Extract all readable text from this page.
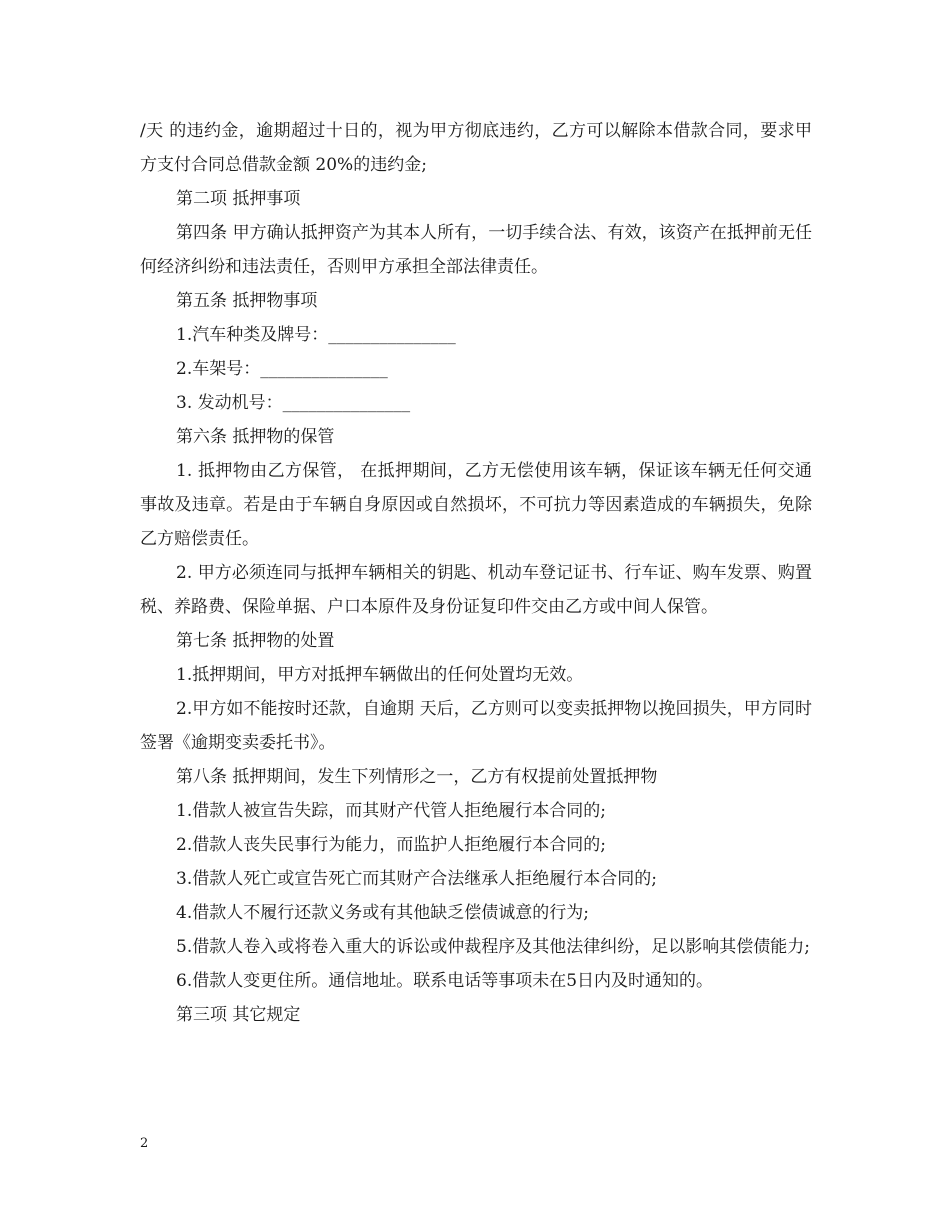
/天 的违约金，逾期超过十日的，视为甲方彻底违约，乙方可以解除本借款合同，要求甲方支付合同总借款金额 20%的违约金;

第二项 抵押事项

第四条 甲方确认抵押资产为其本人所有，一切手续合法、有效，该资产在抵押前无任何经济纠纷和违法责任，否则甲方承担全部法律责任。

第五条 抵押物事项

1.汽车种类及牌号：_______________

2.车架号：_______________

3. 发动机号：_______________

第六条 抵押物的保管

1. 抵押物由乙方保管， 在抵押期间，乙方无偿使用该车辆，保证该车辆无任何交通事故及违章。若是由于车辆自身原因或自然损坏，不可抗力等因素造成的车辆损失，免除乙方赔偿责任。

2. 甲方必须连同与抵押车辆相关的钥匙、机动车登记证书、行车证、购车发票、购置税、养路费、保险单据、户口本原件及身份证复印件交由乙方或中间人保管。

第七条 抵押物的处置

1.抵押期间，甲方对抵押车辆做出的任何处置均无效。

2.甲方如不能按时还款，自逾期 天后，乙方则可以变卖抵押物以挽回损失，甲方同时签署《逾期变卖委托书》。

第八条 抵押期间，发生下列情形之一，乙方有权提前处置抵押物

1.借款人被宣告失踪，而其财产代管人拒绝履行本合同的;

2.借款人丧失民事行为能力，而监护人拒绝履行本合同的;

3.借款人死亡或宣告死亡而其财产合法继承人拒绝履行本合同的;

4.借款人不履行还款义务或有其他缺乏偿债诚意的行为;

5.借款人卷入或将卷入重大的诉讼或仲裁程序及其他法律纠纷，足以影响其偿债能力;

6.借款人变更住所。通信地址。联系电话等事项未在5日内及时通知的。

第三项 其它规定

2
